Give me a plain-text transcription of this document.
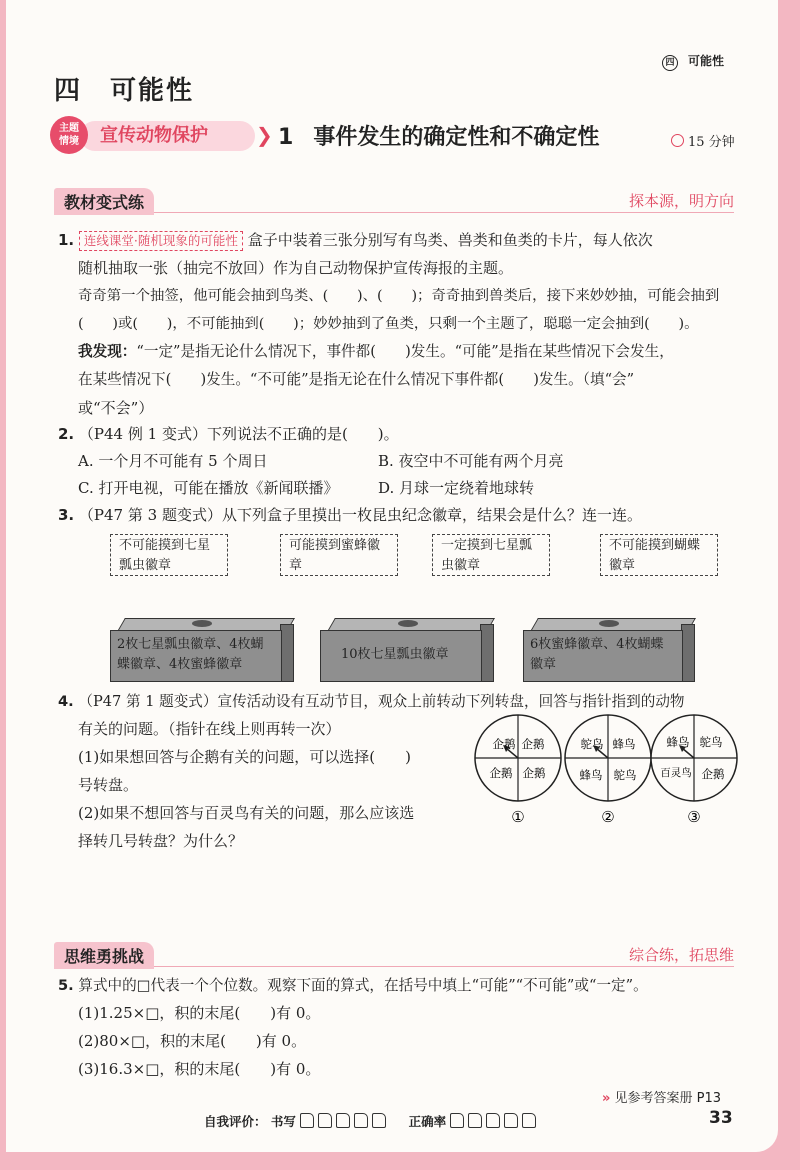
四 可能性
四 可能性
宣传动物保护
主题
情境	❯ 1 事件发生的确定性和不确定性	15 分钟
教材变式练	探本源，明方向
1. 连线课堂·随机现象的可能性 盒子中装着三张分别写有鸟类、兽类和鱼类的卡片，每人依次
随机抽取一张（抽完不放回）作为自己动物保护宣传海报的主题。
奇奇第一个抽签，他可能会抽到鸟类、(　　)、(　　)；奇奇抽到兽类后，接下来妙妙抽，可能会抽到
(　　)或(　　)，不可能抽到(　　)；妙妙抽到了鱼类，只剩一个主题了，聪聪一定会抽到(　　)。
我发现：“一定”是指无论什么情况下，事件都(　　)发生。“可能”是指在某些情况下会发生，
在某些情况下(　　)发生。“不可能”是指无论在什么情况下事件都(　　)发生。（填“会”
或“不会”）
2. （P44 例 1 变式）下列说法不正确的是(　　)。
A. 一个月不可能有 5 个周日	B. 夜空中不可能有两个月亮
C. 打开电视，可能在播放《新闻联播》	D. 月球一定绕着地球转
3. （P47 第 3 题变式）从下列盒子里摸出一枚昆虫纪念徽章，结果会是什么？连一连。
不可能摸到七星瓢虫徽章
可能摸到蜜蜂徽章
一定摸到七星瓢虫徽章
不可能摸到蝴蝶徽章
2枚七星瓢虫徽章、4枚蝴蝶徽章、4枚蜜蜂徽章
10枚七星瓢虫徽章
6枚蜜蜂徽章、4枚蝴蝶徽章
4. （P47 第 1 题变式）宣传活动设有互动节目，观众上前转动下列转盘，回答与指针指到的动物
有关的问题。（指针在线上则再转一次）
(1)如果想回答与企鹅有关的问题，可以选择(　　)
号转盘。
(2)如果不想回答与百灵鸟有关的问题，那么应该选
择转几号转盘？为什么？
企鹅 企鹅
企鹅 企鹅
①
鸵鸟 蜂鸟
蜂鸟 鸵鸟
②
蜂鸟 鸵鸟
百灵鸟 企鹅
③
思维勇挑战	综合练，拓思维
5. 算式中的□代表一个个位数。观察下面的算式，在括号中填上“可能”“不可能”或“一定”。
(1)1.25×□，积的末尾(　　)有 0。
(2)80×□，积的末尾(　　)有 0。
(3)16.3×□，积的末尾(　　)有 0。
» 见参考答案册 P13
自我评价： 书写	正确率	33
